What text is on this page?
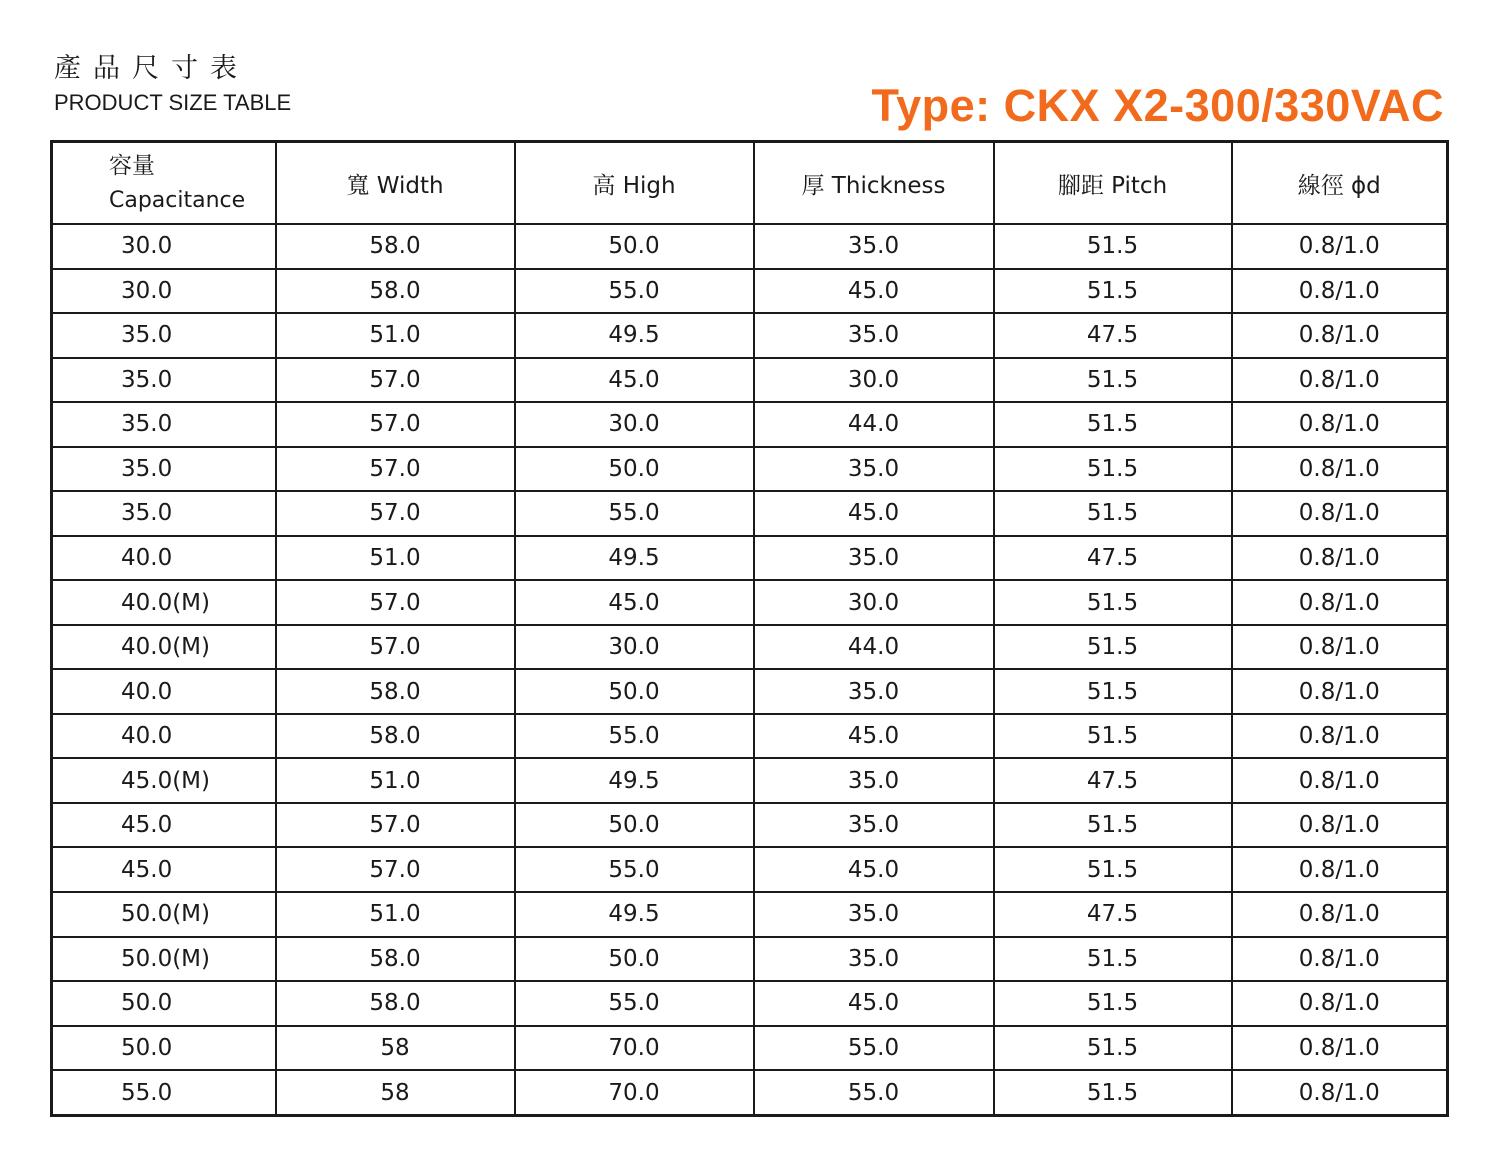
產品尺寸表
PRODUCT SIZE TABLE	Type: CKX X2-300/330VAC
容量
Capacitance	寬 Width	高 High	厚 Thickness	腳距 Pitch	線徑 ϕd
30.0	58.0	50.0	35.0	51.5	0.8/1.0
30.0	58.0	55.0	45.0	51.5	0.8/1.0
35.0	51.0	49.5	35.0	47.5	0.8/1.0
35.0	57.0	45.0	30.0	51.5	0.8/1.0
35.0	57.0	30.0	44.0	51.5	0.8/1.0
35.0	57.0	50.0	35.0	51.5	0.8/1.0
35.0	57.0	55.0	45.0	51.5	0.8/1.0
40.0	51.0	49.5	35.0	47.5	0.8/1.0
40.0(M)	57.0	45.0	30.0	51.5	0.8/1.0
40.0(M)	57.0	30.0	44.0	51.5	0.8/1.0
40.0	58.0	50.0	35.0	51.5	0.8/1.0
40.0	58.0	55.0	45.0	51.5	0.8/1.0
45.0(M)	51.0	49.5	35.0	47.5	0.8/1.0
45.0	57.0	50.0	35.0	51.5	0.8/1.0
45.0	57.0	55.0	45.0	51.5	0.8/1.0
50.0(M)	51.0	49.5	35.0	47.5	0.8/1.0
50.0(M)	58.0	50.0	35.0	51.5	0.8/1.0
50.0	58.0	55.0	45.0	51.5	0.8/1.0
50.0	58	70.0	55.0	51.5	0.8/1.0
55.0	58	70.0	55.0	51.5	0.8/1.0
